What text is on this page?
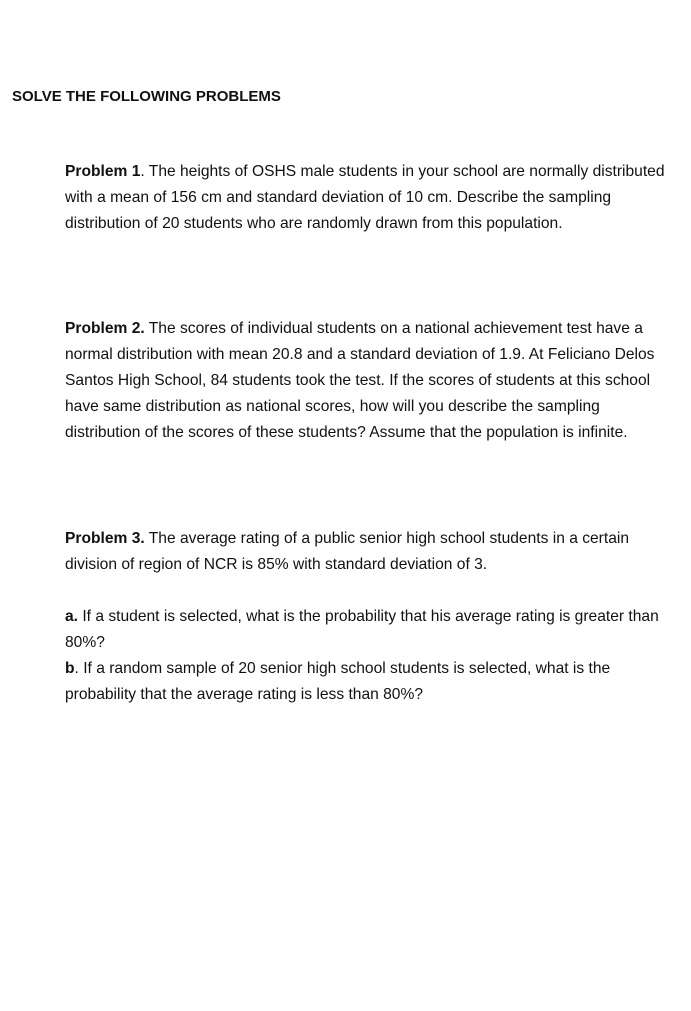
SOLVE THE FOLLOWING PROBLEMS

Problem 1. The heights of OSHS male students in your school are normally distributed with a mean of 156 cm and standard deviation of 10 cm. Describe the sampling distribution of 20 students who are randomly drawn from this population.

Problem 2. The scores of individual students on a national achievement test have a normal distribution with mean 20.8 and a standard deviation of 1.9. At Feliciano Delos Santos High School, 84 students took the test. If the scores of students at this school have same distribution as national scores, how will you describe the sampling distribution of the scores of these students? Assume that the population is infinite.

Problem 3. The average rating of a public senior high school students in a certain division of region of NCR is 85% with standard deviation of 3.

a. If a student is selected, what is the probability that his average rating is greater than 80%?

b. If a random sample of 20 senior high school students is selected, what is the probability that the average rating is less than 80%?
